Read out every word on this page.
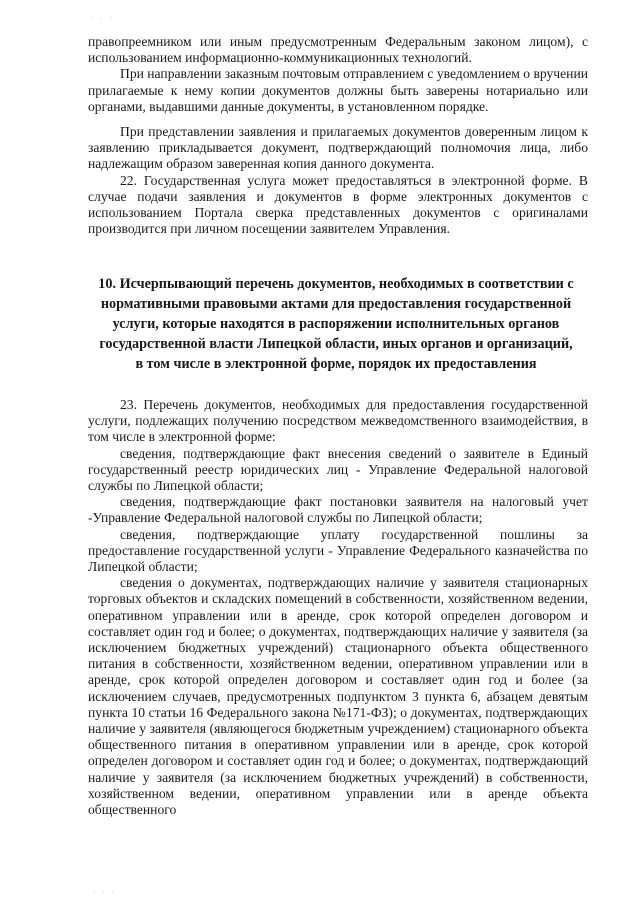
· · ·

правопреемником или иным предусмотренным Федеральным законом лицом), с использованием информационно-коммуникационных технологий.

При направлении заказным почтовым отправлением с уведомлением о вручении прилагаемые к нему копии документов должны быть заверены нотариально или органами, выдавшими данные документы, в установленном порядке.

При представлении заявления и прилагаемых документов доверенным лицом к заявлению прикладывается документ, подтверждающий полномочия лица, либо надлежащим образом заверенная копия данного документа.

22. Государственная услуга может предоставляться в электронной форме. В случае подачи заявления и документов в форме электронных документов с использованием Портала сверка представленных документов с оригиналами производится при личном посещении заявителем Управления.

10. Исчерпывающий перечень документов, необходимых в соответствии с нормативными правовыми актами для предоставления государственной услуги, которые находятся в распоряжении исполнительных органов государственной власти Липецкой области, иных органов и организаций, в том числе в электронной форме, порядок их предоставления

23. Перечень документов, необходимых для предоставления государственной услуги, подлежащих получению посредством межведомственного взаимодействия, в том числе в электронной форме:

сведения, подтверждающие факт внесения сведений о заявителе в Единый государственный реестр юридических лиц - Управление Федеральной налоговой службы по Липецкой области;

сведения, подтверждающие факт постановки заявителя на налоговый учет -Управление Федеральной налоговой службы по Липецкой области;

сведения, подтверждающие уплату государственной пошлины за предоставление государственной услуги - Управление Федерального казначейства по Липецкой области;

сведения о документах, подтверждающих наличие у заявителя стационарных торговых объектов и складских помещений в собственности, хозяйственном ведении, оперативном управлении или в аренде, срок которой определен договором и составляет один год и более; о документах, подтверждающих наличие у заявителя (за исключением бюджетных учреждений) стационарного объекта общественного питания в собственности, хозяйственном ведении, оперативном управлении или в аренде, срок которой определен договором и составляет один год и более (за исключением случаев, предусмотренных подпунктом 3 пункта 6, абзацем девятым пункта 10 статьи 16 Федерального закона №171-ФЗ); о документах, подтверждающих наличие у заявителя (являющегося бюджетным учреждением) стационарного объекта общественного питания в оперативном управлении или в аренде, срок которой определен договором и составляет один год и более; о документах, подтверждающий наличие у заявителя (за исключением бюджетных учреждений) в собственности, хозяйственном ведении, оперативном управлении или в аренде объекта общественного

· · ·
